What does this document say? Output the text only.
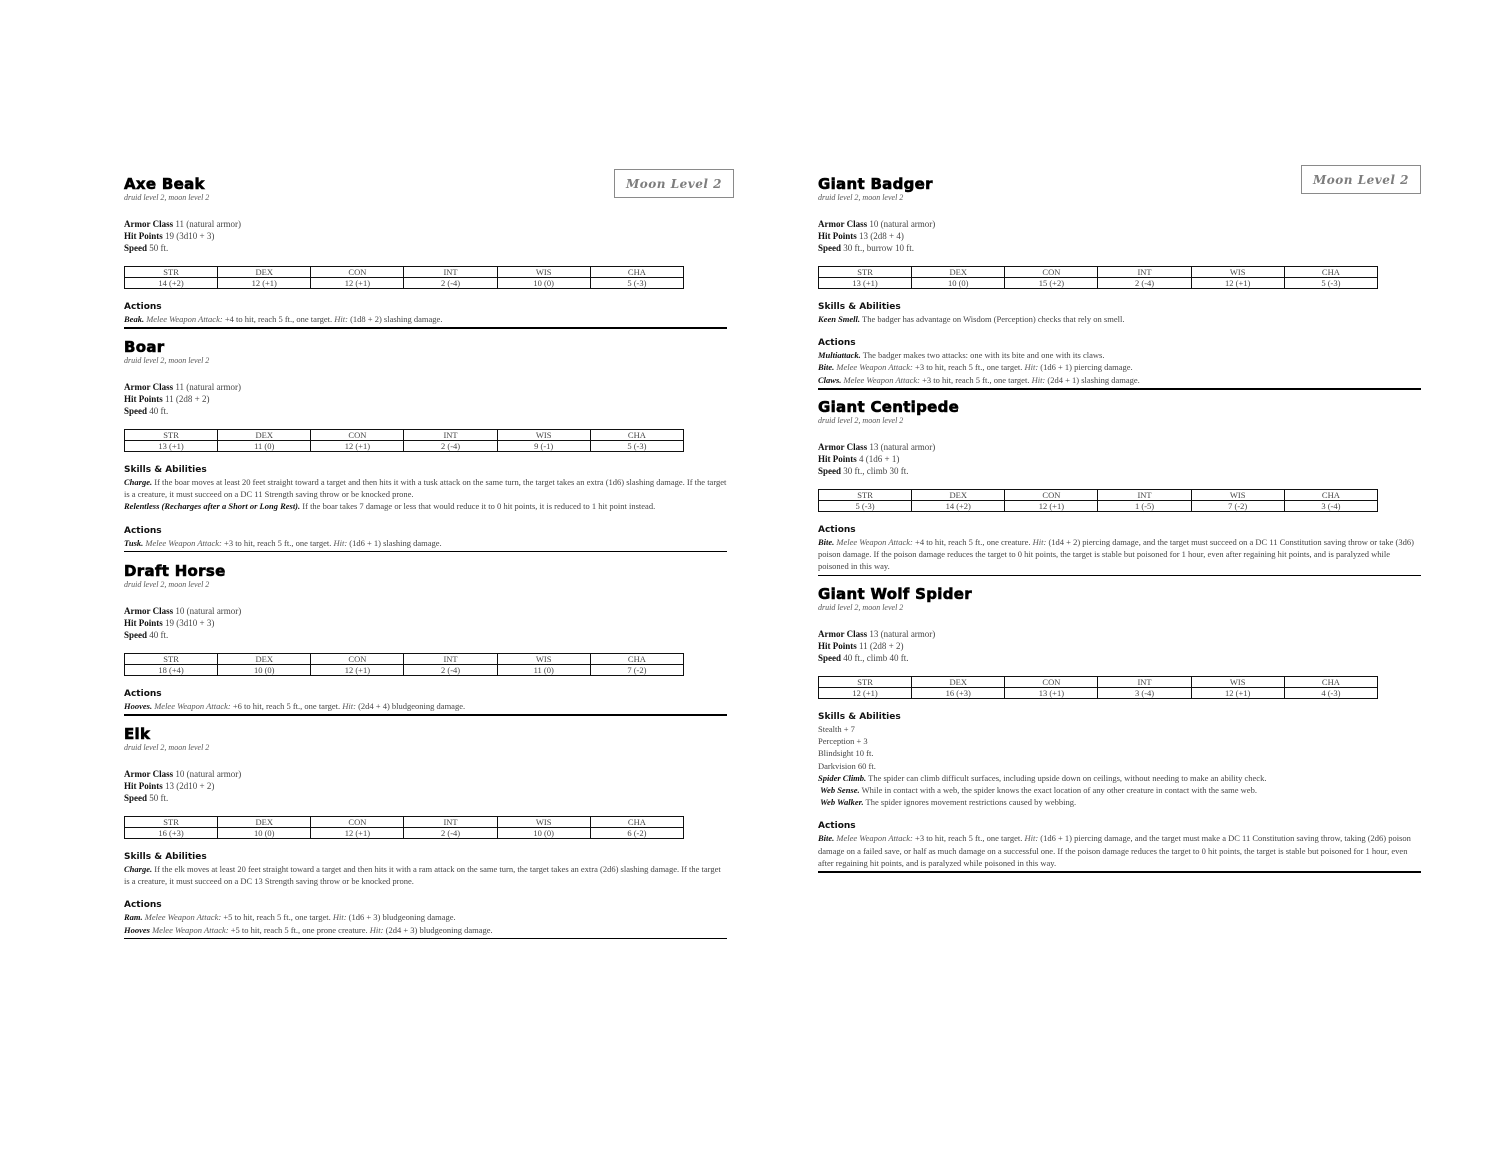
Moon Level 2	Moon Level 2
Axe Beak
druid level 2, moon level 2
Armor Class 11 (natural armor)
Hit Points 19 (3d10 + 3)
Speed 50 ft.
STR	DEX	CON	INT	WIS	CHA
14 (+2)	12 (+1)	12 (+1)	2 (-4)	10 (0)	5 (-3)
Actions
Beak. Melee Weapon Attack: +4 to hit, reach 5 ft., one target. Hit: (1d8 + 2) slashing damage.
Boar
druid level 2, moon level 2
Armor Class 11 (natural armor)
Hit Points 11 (2d8 + 2)
Speed 40 ft.
STR	DEX	CON	INT	WIS	CHA
13 (+1)	11 (0)	12 (+1)	2 (-4)	9 (-1)	5 (-3)
Skills & Abilities
Charge. If the boar moves at least 20 feet straight toward a target and then hits it with a tusk attack on the same turn, the target takes an extra (1d6) slashing damage. If the target is a creature, it must succeed on a DC 11 Strength saving throw or be knocked prone.
Relentless (Recharges after a Short or Long Rest). If the boar takes 7 damage or less that would reduce it to 0 hit points, it is reduced to 1 hit point instead.
Actions
Tusk. Melee Weapon Attack: +3 to hit, reach 5 ft., one target. Hit: (1d6 + 1) slashing damage.
Draft Horse
druid level 2, moon level 2
Armor Class 10 (natural armor)
Hit Points 19 (3d10 + 3)
Speed 40 ft.
STR	DEX	CON	INT	WIS	CHA
18 (+4)	10 (0)	12 (+1)	2 (-4)	11 (0)	7 (-2)
Actions
Hooves. Melee Weapon Attack: +6 to hit, reach 5 ft., one target. Hit: (2d4 + 4) bludgeoning damage.
Elk
druid level 2, moon level 2
Armor Class 10 (natural armor)
Hit Points 13 (2d10 + 2)
Speed 50 ft.
STR	DEX	CON	INT	WIS	CHA
16 (+3)	10 (0)	12 (+1)	2 (-4)	10 (0)	6 (-2)
Skills & Abilities
Charge. If the elk moves at least 20 feet straight toward a target and then hits it with a ram attack on the same turn, the target takes an extra (2d6) slashing damage. If the target is a creature, it must succeed on a DC 13 Strength saving throw or be knocked prone.
Actions
Ram. Melee Weapon Attack: +5 to hit, reach 5 ft., one target. Hit: (1d6 + 3) bludgeoning damage.
Hooves Melee Weapon Attack: +5 to hit, reach 5 ft., one prone creature. Hit: (2d4 + 3) bludgeoning damage.
Giant Badger
druid level 2, moon level 2
Armor Class 10 (natural armor)
Hit Points 13 (2d8 + 4)
Speed 30 ft., burrow 10 ft.
STR	DEX	CON	INT	WIS	CHA
13 (+1)	10 (0)	15 (+2)	2 (-4)	12 (+1)	5 (-3)
Skills & Abilities
Keen Smell. The badger has advantage on Wisdom (Perception) checks that rely on smell.
Actions
Multiattack. The badger makes two attacks: one with its bite and one with its claws.
Bite. Melee Weapon Attack: +3 to hit, reach 5 ft., one target. Hit: (1d6 + 1) piercing damage.
Claws. Melee Weapon Attack: +3 to hit, reach 5 ft., one target. Hit: (2d4 + 1) slashing damage.
Giant Centipede
druid level 2, moon level 2
Armor Class 13 (natural armor)
Hit Points 4 (1d6 + 1)
Speed 30 ft., climb 30 ft.
STR	DEX	CON	INT	WIS	CHA
5 (-3)	14 (+2)	12 (+1)	1 (-5)	7 (-2)	3 (-4)
Actions
Bite. Melee Weapon Attack: +4 to hit, reach 5 ft., one creature. Hit: (1d4 + 2) piercing damage, and the target must succeed on a DC 11 Constitution saving throw or take (3d6) poison damage. If the poison damage reduces the target to 0 hit points, the target is stable but poisoned for 1 hour, even after regaining hit points, and is paralyzed while poisoned in this way.
Giant Wolf Spider
druid level 2, moon level 2
Armor Class 13 (natural armor)
Hit Points 11 (2d8 + 2)
Speed 40 ft., climb 40 ft.
STR	DEX	CON	INT	WIS	CHA
12 (+1)	16 (+3)	13 (+1)	3 (-4)	12 (+1)	4 (-3)
Skills & Abilities
Stealth + 7
Perception + 3
Blindsight 10 ft.
Darkvision 60 ft.
Spider Climb. The spider can climb difficult surfaces, including upside down on ceilings, without needing to make an ability check.
Web Sense. While in contact with a web, the spider knows the exact location of any other creature in contact with the same web.
Web Walker. The spider ignores movement restrictions caused by webbing.
Actions
Bite. Melee Weapon Attack: +3 to hit, reach 5 ft., one target. Hit: (1d6 + 1) piercing damage, and the target must make a DC 11 Constitution saving throw, taking (2d6) poison damage on a failed save, or half as much damage on a successful one. If the poison damage reduces the target to 0 hit points, the target is stable but poisoned for 1 hour, even after regaining hit points, and is paralyzed while poisoned in this way.
